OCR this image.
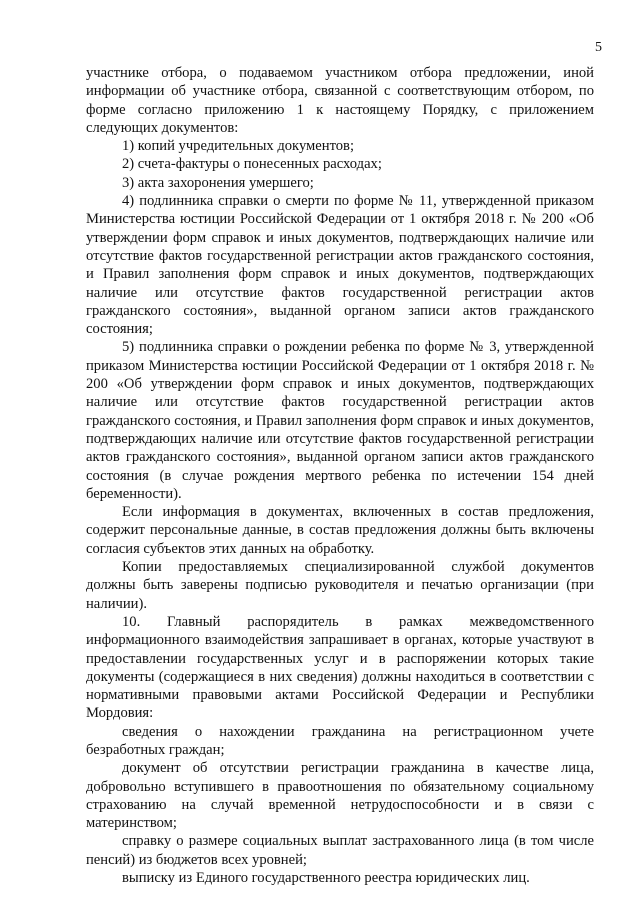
5

участнике отбора, о подаваемом участником отбора предложении, иной информации об участнике отбора, связанной с соответствующим отбором, по форме согласно приложению 1 к настоящему Порядку, с приложением следующих документов:

1) копий учредительных документов;

2) счета-фактуры о понесенных расходах;

3) акта захоронения умершего;

4) подлинника справки о смерти по форме № 11, утвержденной приказом Министерства юстиции Российской Федерации от 1 октября 2018 г. № 200 «Об утверждении форм справок и иных документов, подтверждающих наличие или отсутствие фактов государственной регистрации актов гражданского состояния, и Правил заполнения форм справок и иных документов, подтверждающих наличие или отсутствие фактов государственной регистрации актов гражданского состояния», выданной органом записи актов гражданского состояния;

5) подлинника справки о рождении ребенка по форме № 3, утвержденной приказом Министерства юстиции Российской Федерации от 1 октября 2018 г. № 200 «Об утверждении форм справок и иных документов, подтверждающих наличие или отсутствие фактов государственной регистрации актов гражданского состояния, и Правил заполнения форм справок и иных документов, подтверждающих наличие или отсутствие фактов государственной регистрации актов гражданского состояния», выданной органом записи актов гражданского состояния (в случае рождения мертвого ребенка по истечении 154 дней беременности).

Если информация в документах, включенных в состав предложения, содержит персональные данные, в состав предложения должны быть включены согласия субъектов этих данных на обработку.

Копии предоставляемых специализированной службой документов должны быть заверены подписью руководителя и печатью организации (при наличии).

10. Главный распорядитель в рамках межведомственного информационного взаимодействия запрашивает в органах, которые участвуют в предоставлении государственных услуг и в распоряжении которых такие документы (содержащиеся в них сведения) должны находиться в соответствии с нормативными правовыми актами Российской Федерации и Республики Мордовия:

сведения о нахождении гражданина на регистрационном учете безработных граждан;

документ об отсутствии регистрации гражданина в качестве лица, добровольно вступившего в правоотношения по обязательному социальному страхованию на случай временной нетрудоспособности и в связи с материнством;

справку о размере социальных выплат застрахованного лица (в том числе пенсий) из бюджетов всех уровней;

выписку из Единого государственного реестра юридических лиц.
